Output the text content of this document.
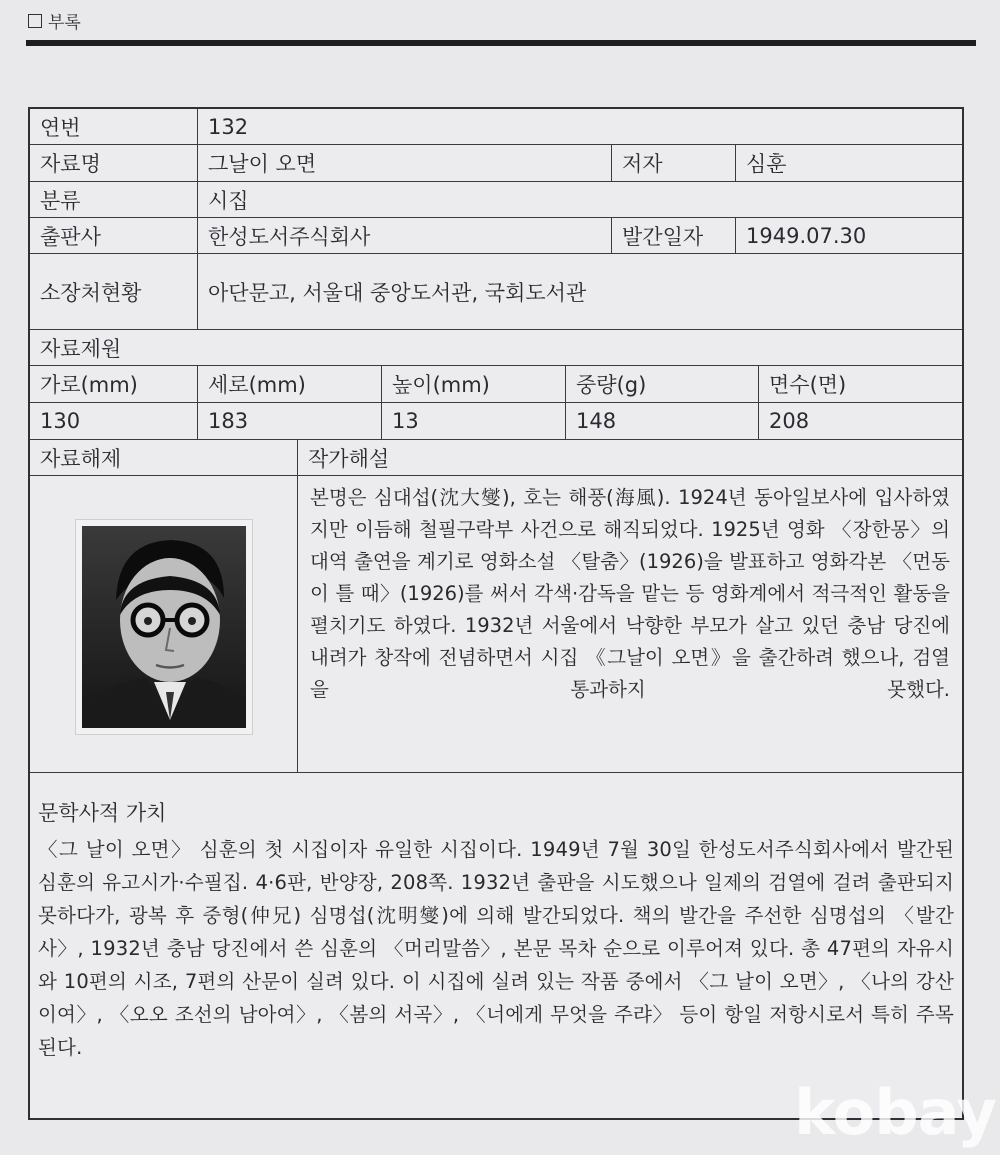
부록
연번	132
자료명	그날이 오면	저자	심훈
분류	시집
출판사	한성도서주식회사	발간일자	1949.07.30
소장처현황	아단문고, 서울대 중앙도서관, 국회도서관
자료제원
가로(mm)	세로(mm)	높이(mm)	중량(g)	면수(면)
130	183	13	148	208
자료해제	작가해설
본명은 심대섭(沈大燮), 호는 해풍(海風). 1924년 동아일보사에 입사하였지만 이듬해 철필구락부 사건으로 해직되었다. 1925년 영화 〈장한몽〉의 대역 출연을 계기로 영화소설 〈탈춤〉(1926)을 발표하고 영화각본 〈먼동이 틀 때〉(1926)를 써서 각색·감독을 맡는 등 영화계에서 적극적인 활동을 펼치기도 하였다. 1932년 서울에서 낙향한 부모가 살고 있던 충남 당진에 내려가 창작에 전념하면서 시집 《그날이 오면》을 출간하려 했으나, 검열을 통과하지 못했다.
문학사적 가치
〈그 날이 오면〉 심훈의 첫 시집이자 유일한 시집이다. 1949년 7월 30일 한성도서주식회사에서 발간된 심훈의 유고시가·수필집. 4·6판, 반양장, 208쪽. 1932년 출판을 시도했으나 일제의 검열에 걸려 출판되지 못하다가, 광복 후 중형(仲兄) 심명섭(沈明燮)에 의해 발간되었다. 책의 발간을 주선한 심명섭의 〈발간사〉, 1932년 충남 당진에서 쓴 심훈의 〈머리말씀〉, 본문 목차 순으로 이루어져 있다. 총 47편의 자유시와 10편의 시조, 7편의 산문이 실려 있다. 이 시집에 실려 있는 작품 중에서 〈그 날이 오면〉, 〈나의 강산이여〉, 〈오오 조선의 남아여〉, 〈봄의 서곡〉, 〈너에게 무엇을 주랴〉 등이 항일 저항시로서 특히 주목된다.
kobay
